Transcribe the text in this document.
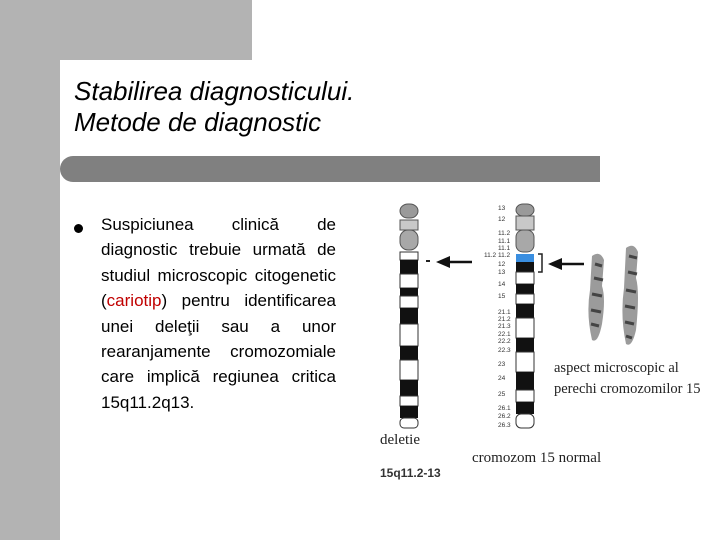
Stabilirea diagnosticului.
Metode de diagnostic
Suspiciunea clinică de diagnostic trebuie urmată de studiul microscopic citogenetic (cariotip) pentru identificarea unei deleţii sau a unor rearanjamente cromozomiale care implică regiunea critica 15q11.2q13.
13
12
11.2
11.1
11.1
11.2
11.2
12
13
14
15
21.1
21.2
21.3
22.1
22.2
22.3
23
24
25
26.1
26.2
26.3
deletie
15q11.2-13
cromozom 15 normal
aspect microscopic al
perechi cromozomilor 15
